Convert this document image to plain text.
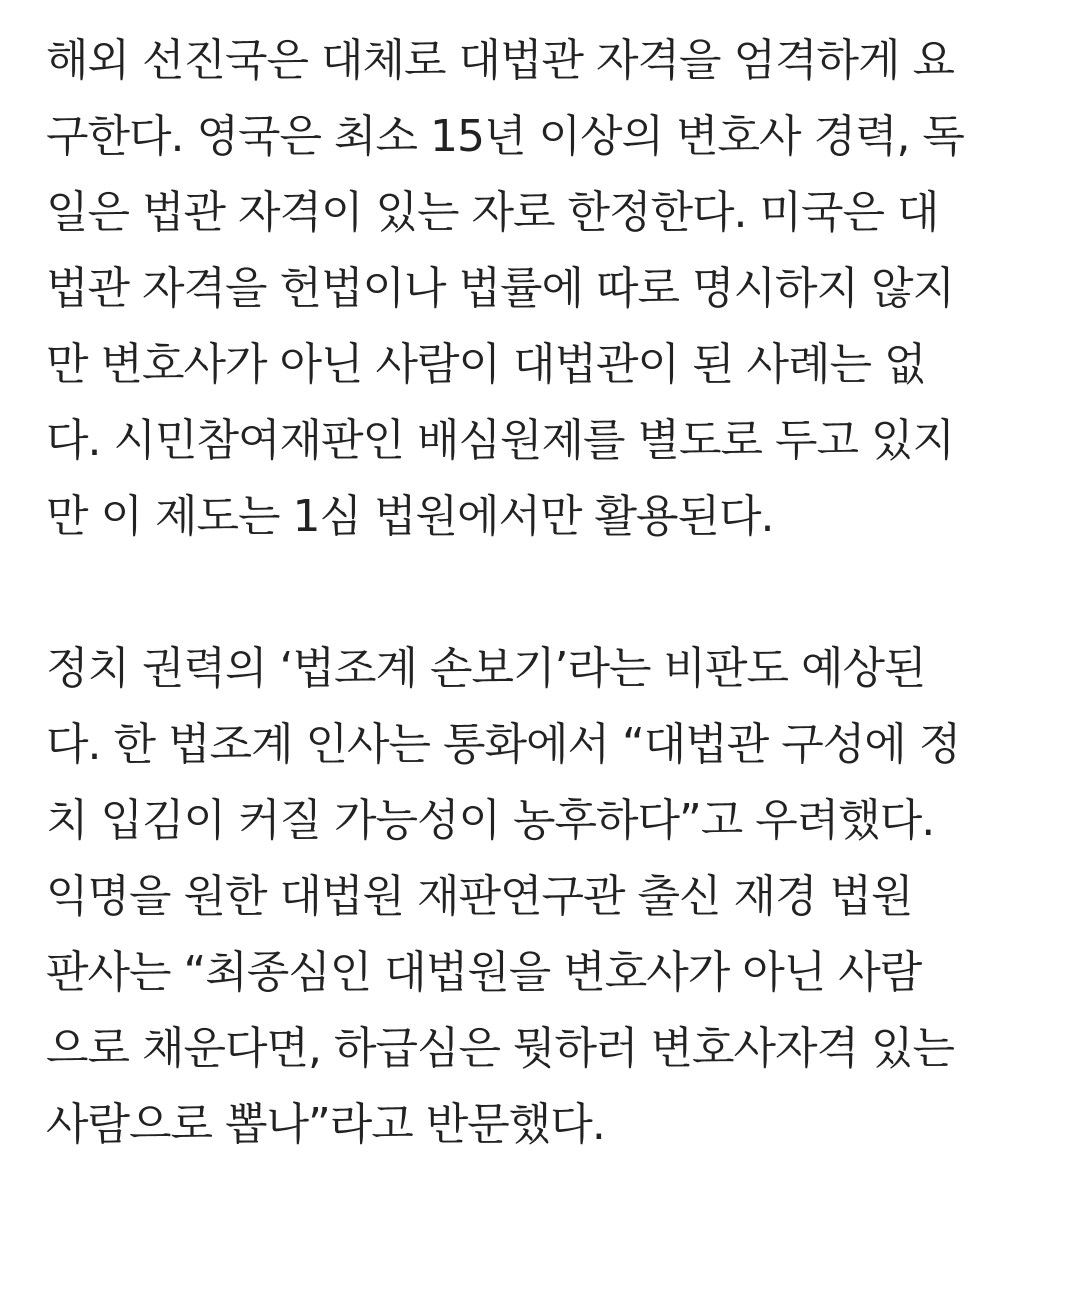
해외 선진국은 대체로 대법관 자격을 엄격하게 요
구한다. 영국은 최소 15년 이상의 변호사 경력, 독
일은 법관 자격이 있는 자로 한정한다. 미국은 대
법관 자격을 헌법이나 법률에 따로 명시하지 않지
만 변호사가 아닌 사람이 대법관이 된 사례는 없
다. 시민참여재판인 배심원제를 별도로 두고 있지
만 이 제도는 1심 법원에서만 활용된다.
정치 권력의 ‘법조계 손보기’라는 비판도 예상된
다. 한 법조계 인사는 통화에서 “대법관 구성에 정
치 입김이 커질 가능성이 농후하다”고 우려했다.
익명을 원한 대법원 재판연구관 출신 재경 법원
판사는 “최종심인 대법원을 변호사가 아닌 사람
으로 채운다면, 하급심은 뭣하러 변호사자격 있는
사람으로 뽑나”라고 반문했다.
